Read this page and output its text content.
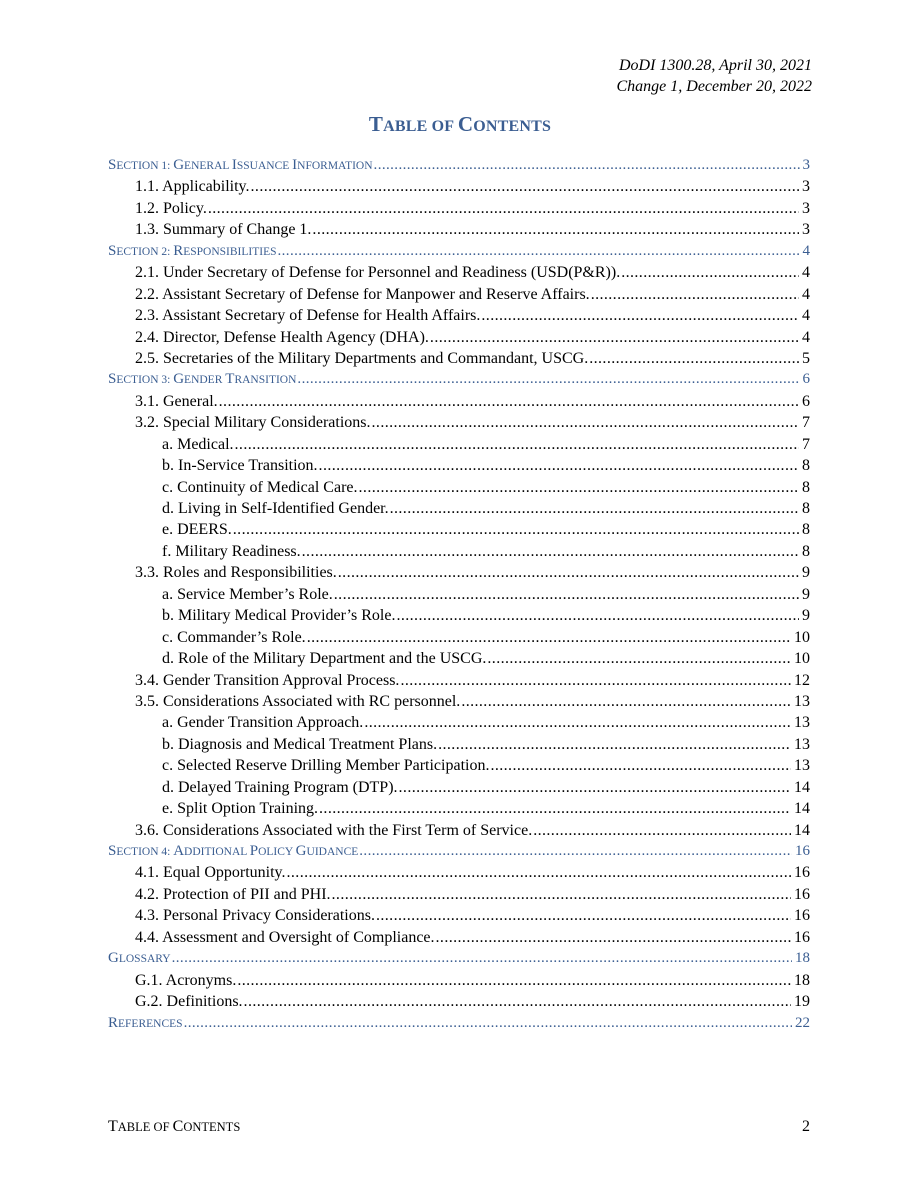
DoDI 1300.28, April 30, 2021
Change 1, December 20, 2022
TABLE OF CONTENTS
SECTION 1: GENERAL ISSUANCE INFORMATION .....	3
1.1. Applicability. .....	3
1.2. Policy. .....	3
1.3. Summary of Change 1. .....	3
SECTION 2: RESPONSIBILITIES .....	4
2.1. Under Secretary of Defense for Personnel and Readiness (USD(P&R)). .....	4
2.2. Assistant Secretary of Defense for Manpower and Reserve Affairs. .....	4
2.3. Assistant Secretary of Defense for Health Affairs. .....	4
2.4. Director, Defense Health Agency (DHA). .....	4
2.5. Secretaries of the Military Departments and Commandant, USCG. .....	5
SECTION 3: GENDER TRANSITION .....	6
3.1. General. .....	6
3.2. Special Military Considerations. .....	7
a. Medical. .....	7
b. In-Service Transition. .....	8
c. Continuity of Medical Care. .....	8
d. Living in Self-Identified Gender. .....	8
e. DEERS. .....	8
f. Military Readiness. .....	8
3.3. Roles and Responsibilities. .....	9
a. Service Member’s Role. .....	9
b. Military Medical Provider’s Role. .....	9
c. Commander’s Role. .....	10
d. Role of the Military Department and the USCG. .....	10
3.4. Gender Transition Approval Process. .....	12
3.5. Considerations Associated with RC personnel. .....	13
a. Gender Transition Approach. .....	13
b. Diagnosis and Medical Treatment Plans. .....	13
c. Selected Reserve Drilling Member Participation. .....	13
d. Delayed Training Program (DTP). .....	14
e. Split Option Training. .....	14
3.6. Considerations Associated with the First Term of Service. .....	14
SECTION 4: ADDITIONAL POLICY GUIDANCE .....	16
4.1. Equal Opportunity. .....	16
4.2. Protection of PII and PHI. .....	16
4.3. Personal Privacy Considerations. .....	16
4.4. Assessment and Oversight of Compliance. .....	16
GLOSSARY .....	18
G.1. Acronyms. .....	18
G.2. Definitions. .....	19
REFERENCES .....	22
TABLE OF CONTENTS	2
